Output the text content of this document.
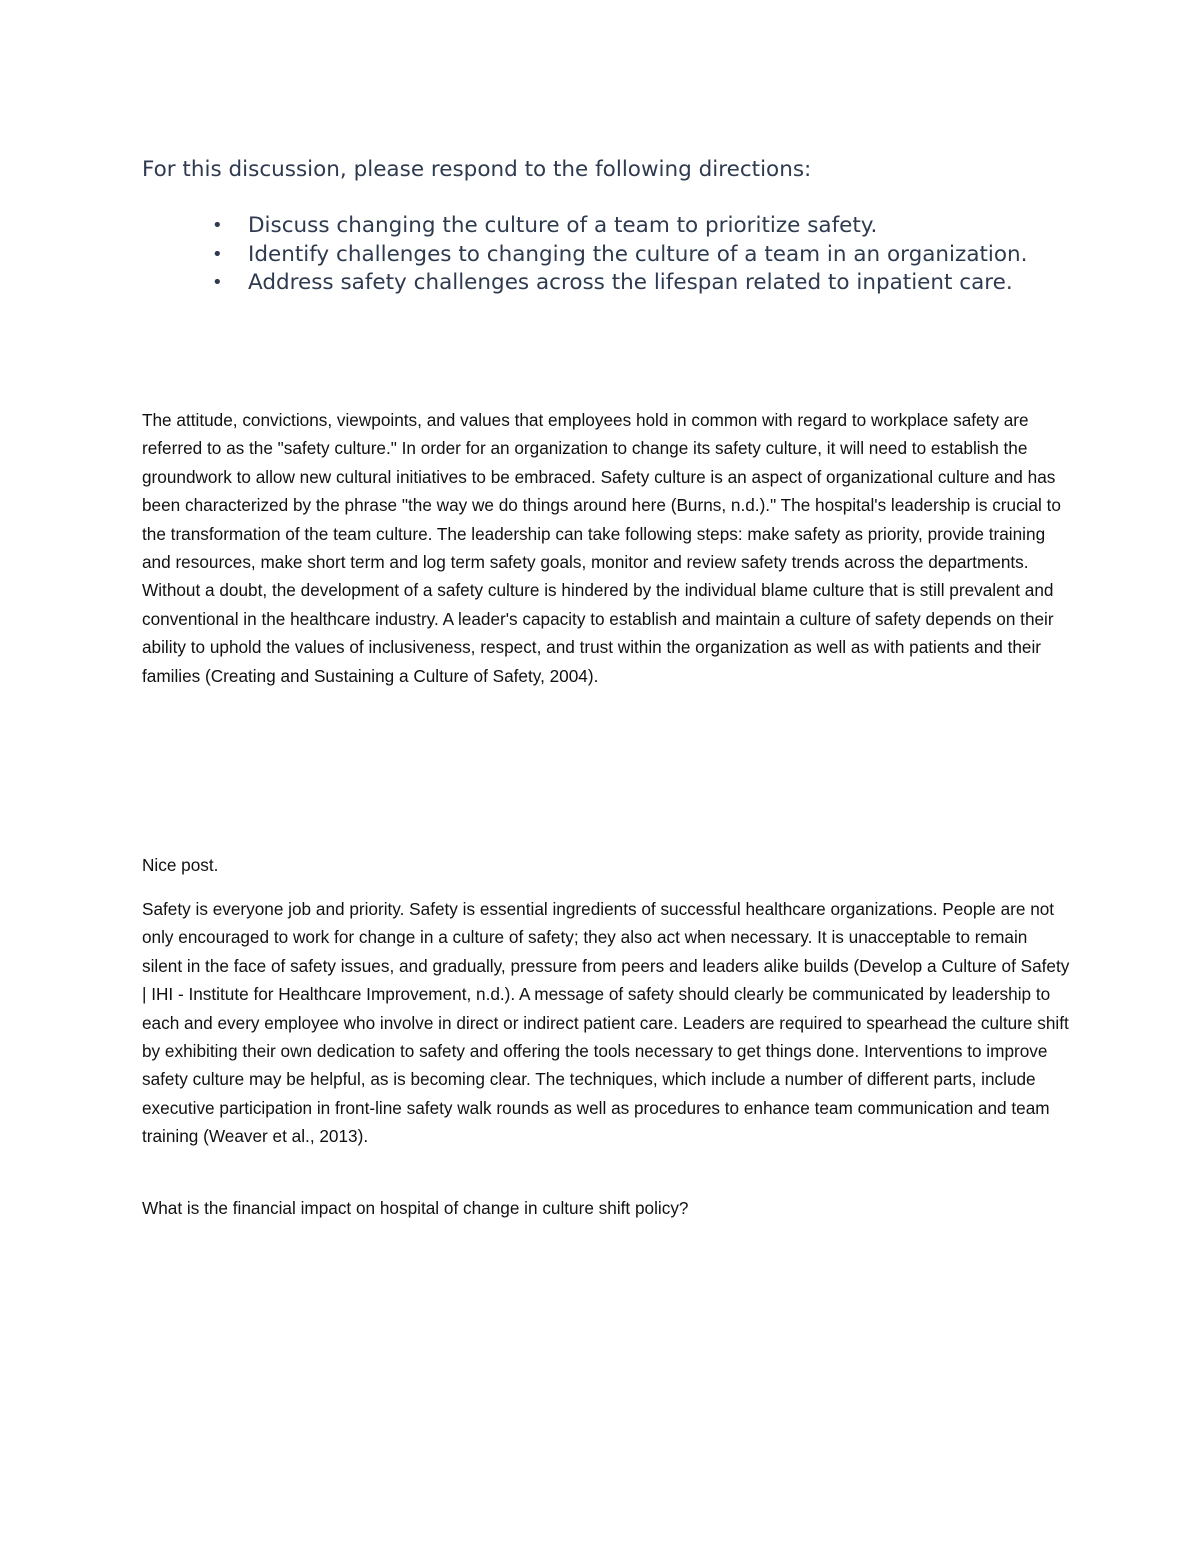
For this discussion, please respond to the following directions:
• Discuss changing the culture of a team to prioritize safety.
• Identify challenges to changing the culture of a team in an organization.
• Address safety challenges across the lifespan related to inpatient care.

The attitude, convictions, viewpoints, and values that employees hold in common with regard to workplace safety are referred to as the "safety culture." In order for an organization to change its safety culture, it will need to establish the groundwork to allow new cultural initiatives to be embraced. Safety culture is an aspect of organizational culture and has been characterized by the phrase "the way we do things around here (Burns, n.d.)." The hospital's leadership is crucial to the transformation of the team culture. The leadership can take following steps: make safety as priority, provide training and resources, make short term and log term safety goals, monitor and review safety trends across the departments. Without a doubt, the development of a safety culture is hindered by the individual blame culture that is still prevalent and conventional in the healthcare industry. A leader's capacity to establish and maintain a culture of safety depends on their ability to uphold the values of inclusiveness, respect, and trust within the organization as well as with patients and their families (Creating and Sustaining a Culture of Safety, 2004).

Nice post.

Safety is everyone job and priority. Safety is essential ingredients of successful healthcare organizations. People are not only encouraged to work for change in a culture of safety; they also act when necessary. It is unacceptable to remain silent in the face of safety issues, and gradually, pressure from peers and leaders alike builds (Develop a Culture of Safety | IHI - Institute for Healthcare Improvement, n.d.). A message of safety should clearly be communicated by leadership to each and every employee who involve in direct or indirect patient care. Leaders are required to spearhead the culture shift by exhibiting their own dedication to safety and offering the tools necessary to get things done. Interventions to improve safety culture may be helpful, as is becoming clear. The techniques, which include a number of different parts, include executive participation in front-line safety walk rounds as well as procedures to enhance team communication and team training (Weaver et al., 2013).

What is the financial impact on hospital of change in culture shift policy?
